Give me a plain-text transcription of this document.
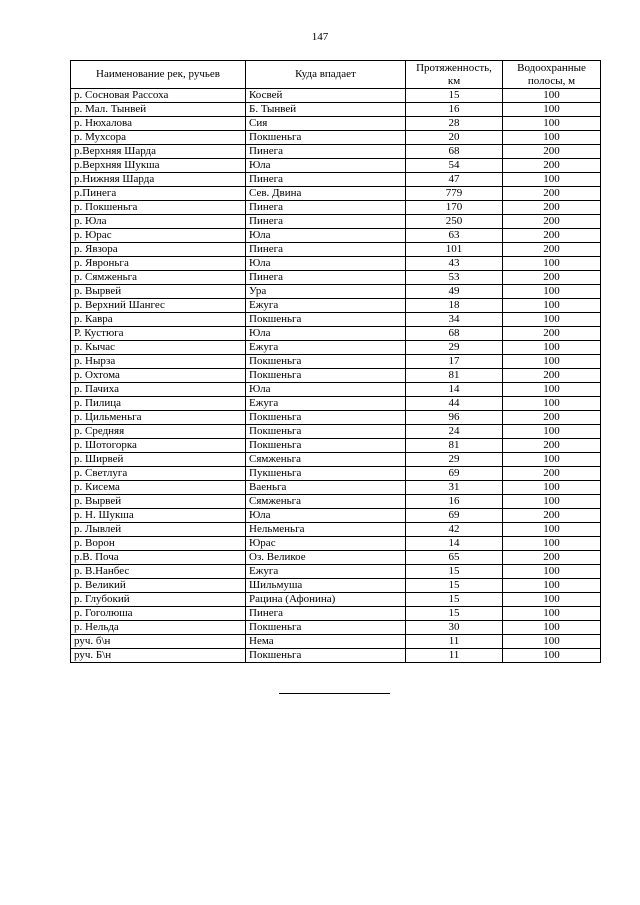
147
Наименование рек, ручьев	Куда впадает	Протяженность, км	Водоохранные полосы, м
р. Сосновая Рассоха	Косвей	15	100
р. Мал. Тынвей	Б. Тынвей	16	100
р. Нюхалова	Сия	28	100
р. Мухсора	Покшеньга	20	100
р.Верхняя Шарда	Пинега	68	200
р.Верхняя Шукша	Юла	54	200
р.Нижняя Шарда	Пинега	47	100
р.Пинега	Сев. Двина	779	200
р. Покшеньга	Пинега	170	200
р. Юла	Пинега	250	200
р. Юрас	Юла	63	200
р. Явзора	Пинега	101	200
р. Явроньга	Юла	43	100
р. Сямженьга	Пинега	53	200
р. Вырвей	Ура	49	100
р. Верхний Шангес	Ежуга	18	100
р. Кавра	Покшеньга	34	100
Р. Кустюга	Юла	68	200
р. Кычас	Ежуга	29	100
р. Нырза	Покшеньга	17	100
р. Охтома	Покшеньга	81	200
р. Пачиха	Юла	14	100
р. Пилица	Ежуга	44	100
р. Цильменьга	Покшеньга	96	200
р. Средняя	Покшеньга	24	100
р. Шотогорка	Покшеньга	81	200
р. Ширвей	Сямженьга	29	100
р. Светлуга	Пукшеньга	69	200
р. Кисема	Ваеньга	31	100
р. Вырвей	Сямженьга	16	100
р. Н. Шукша	Юла	69	200
р. Лывлей	Нельменьга	42	100
р. Ворон	Юрас	14	100
р.В. Поча	Оз. Великое	65	200
р. В.Нанбес	Ежуга	15	100
р. Великий	Шильмуша	15	100
р. Глубокий	Рацина (Афонина)	15	100
р. Гоголюша	Пинега	15	100
р. Нельда	Покшеньга	30	100
руч. б\н	Нема	11	100
руч. Б\н	Покшеньга	11	100
